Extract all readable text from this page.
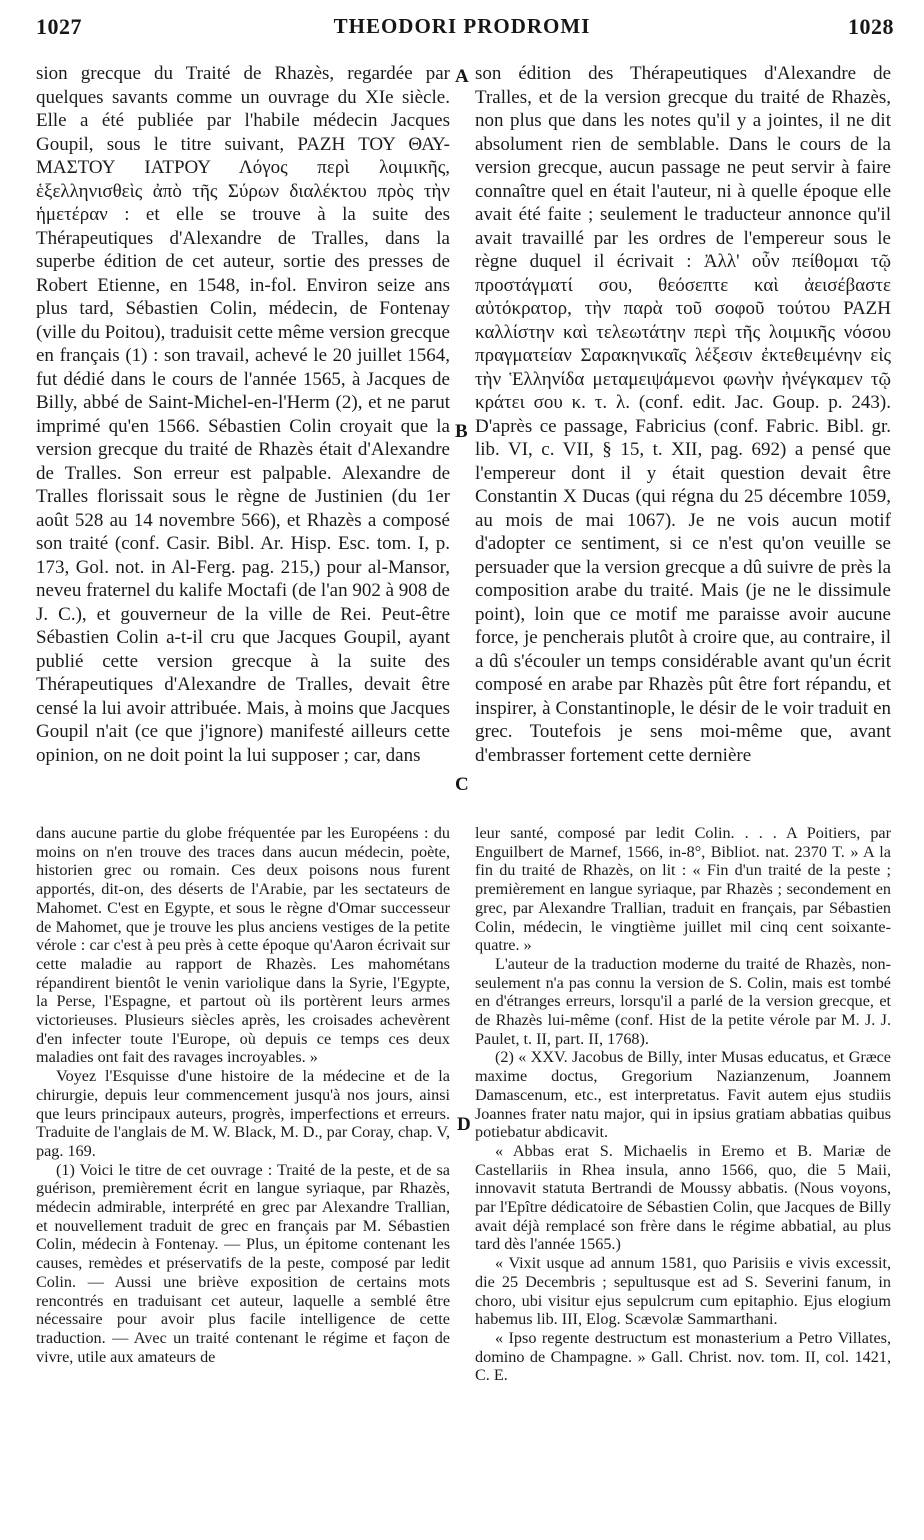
1027	THEODORI PRODROMI	1028

sion grecque du Traité de Rhazès, regardée par quelques savants comme un ouvrage du XIe siècle. Elle a été publiée par l'habile médecin Jacques Goupil, sous le titre suivant, ΡΑΖΗ ΤΟΥ ΘΑΥ-ΜΑΣΤΟΥ ΙΑΤΡΟΥ Λόγος περὶ λοιμικῆς, ἑξελληνισθεὶς ἀπὸ τῆς Σύρων διαλέκτου πρὸς τὴν ἡμετέραν : et elle se trouve à la suite des Thérapeutiques d'Alexandre de Tralles, dans la superbe édition de cet auteur, sortie des presses de Robert Etienne, en 1548, in-fol. Environ seize ans plus tard, Sébastien Colin, médecin, de Fontenay (ville du Poitou), traduisit cette même version grecque en français (1) : son travail, achevé le 20 juillet 1564, fut dédié dans le cours de l'année 1565, à Jacques de Billy, abbé de Saint-Michel-en-l'Herm (2), et ne parut imprimé qu'en 1566. Sébastien Colin croyait que la version grecque du traité de Rhazès était d'Alexandre de Tralles. Son erreur est palpable. Alexandre de Tralles florissait sous le règne de Justinien (du 1er août 528 au 14 novembre 566), et Rhazès a composé son traité (conf. Casir. Bibl. Ar. Hisp. Esc. tom. I, p. 173, Gol. not. in Al-Ferg. pag. 215,) pour al-Mansor, neveu fraternel du kalife Moctafi (de l'an 902 à 908 de J. C.), et gouverneur de la ville de Rei. Peut-être Sébastien Colin a-t-il cru que Jacques Goupil, ayant publié cette version grecque à la suite des Thérapeutiques d'Alexandre de Tralles, devait être censé la lui avoir attribuée. Mais, à moins que Jacques Goupil n'ait (ce que j'ignore) manifesté ailleurs cette opinion, on ne doit point la lui supposer ; car, dans

A
B
C
D

son édition des Thérapeutiques d'Alexandre de Tralles, et de la version grecque du traité de Rhazès, non plus que dans les notes qu'il y a jointes, il ne dit absolument rien de semblable. Dans le cours de la version grecque, aucun passage ne peut servir à faire connaître quel en était l'auteur, ni à quelle époque elle avait été faite ; seulement le traducteur annonce qu'il avait travaillé par les ordres de l'empereur sous le règne duquel il écrivait : Ἀλλ' οὖν πείθομαι τῷ προστάγματί σου, θεόσεπτε καὶ ἀεισέβαστε αὐτόκρατορ, τὴν παρὰ τοῦ σοφοῦ τούτου ΡΑΖΗ καλλίστην καὶ τελεωτάτην περὶ τῆς λοιμικῆς νόσου πραγματείαν Σαρακηνικαῖς λέξεσιν ἐκτεθειμένην εἰς τὴν Ἑλληνίδα μεταμειψάμενοι φωνὴν ἠνέγκαμεν τῷ κράτει σου κ. τ. λ. (conf. edit. Jac. Goup. p. 243). D'après ce passage, Fabricius (conf. Fabric. Bibl. gr. lib. VI, c. VII, § 15, t. XII, pag. 692) a pensé que l'empereur dont il y était question devait être Constantin X Ducas (qui régna du 25 décembre 1059, au mois de mai 1067). Je ne vois aucun motif d'adopter ce sentiment, si ce n'est qu'on veuille se persuader que la version grecque a dû suivre de près la composition arabe du traité. Mais (je ne le dissimule point), loin que ce motif me paraisse avoir aucune force, je pencherais plutôt à croire que, au contraire, il a dû s'écouler un temps considérable avant qu'un écrit composé en arabe par Rhazès pût être fort répandu, et inspirer, à Constantinople, le désir de le voir traduit en grec. Toutefois je sens moi-même que, avant d'embrasser fortement cette dernière

dans aucune partie du globe fréquentée par les Européens : du moins on n'en trouve des traces dans aucun médecin, poète, historien grec ou romain. Ces deux poisons nous furent apportés, dit-on, des déserts de l'Arabie, par les sectateurs de Mahomet. C'est en Egypte, et sous le règne d'Omar successeur de Mahomet, que je trouve les plus anciens vestiges de la petite vérole : car c'est à peu près à cette époque qu'Aaron écrivait sur cette maladie au rapport de Rhazès. Les mahométans répandirent bientôt le venin varioliqu​e dans la Syrie, l'Egypte, la Perse, l'Espagne, et partout où ils portèrent leurs armes victorieuses. Plusieurs siècles après, les croisades achevèrent d'en infecter toute l'Europe, où depuis ce temps ces deux maladies ont fait des ravages incroyables. »

Voyez l'Esquisse d'une histoire de la médecine et de la chirurgie, depuis leur commencement jusqu'à nos jours, ainsi que leurs principaux auteurs, progrès, imperfections et erreurs. Traduite de l'anglais de M. W. Black, M. D., par Coray, chap. V, pag. 169.

(1) Voici le titre de cet ouvrage : Traité de la peste, et de sa guérison, premièrement écrit en langue syriaque, par Rhazès, médecin admirable, interprété en grec par Alexandre Trallian, et nouvellement traduit de grec en français par M. Sébastien Colin, médecin à Fontenay. — Plus, un épitome contenant les causes, remèdes et préservatifs de la peste, composé par ledit Colin. — Aussi une briève exposition de certains mots rencontrés en traduisant cet auteur, laquelle a semblé être nécessaire pour avoir plus facile intelligence de cette traduction. — Avec un traité contenant le régime et façon de vivre, utile aux amateurs de

leur santé, composé par ledit Colin. . . . A Poitiers, par Enguilbert de Marnef, 1566, in-8°, Bibliot. nat. 2370 T. » A la fin du traité de Rhazès, on lit : « Fin d'un traité de la peste ; premièrement en langue syriaque, par Rhazès ; secondement en grec, par Alexandre Trallian, traduit en français, par Sébastien Colin, médecin, le vingtième juillet mil cinq cent soixante-quatre. »

L'auteur de la traduction moderne du traité de Rhazès, non-seulement n'a pas connu la version de S. Colin, mais est tombé en d'étranges erreurs, lorsqu'il a parlé de la version grecque, et de Rhazès lui-même (conf. Hist de la petite vérole par M. J. J. Paulet, t. II, part. II, 1768).

(2) « XXV. Jacobus de Billy, inter Musas educatus, et Græce maxime doctus, Gregorium Nazianzenum, Joannem Damascenum, etc., est interpretatus. Favit autem ejus studiis Joannes frater natu major, qui in ipsius gratiam abbatias quibus potiebatur abdicavit.

« Abbas erat S. Michaelis in Eremo et B. Mariæ de Castellariis in Rhea insula, anno 1566, quo, die 5 Maii, innovavit statuta Bertrandi de Moussy abbatis. (Nous voyons, par l'Epître dédicatoire de Sébastien Colin, que Jacques de Billy avait déjà remplacé son frère dans le régime abbatial, au plus tard dès l'année 1565.)

« Vixit usque ad annum 1581, quo Parisiis e vivis excessit, die 25 Decembris ; sepultusque est ad S. Severini fanum, in choro, ubi visitur ejus sepulcrum cum epitaphio. Ejus elogium habemus lib. III, Elog. Scævolæ Sammarthani.

« Ipso regente destructum est monasterium a Petro Villates, domino de Champagne. » Gall. Christ. nov. tom. II, col. 1421, C. E.
